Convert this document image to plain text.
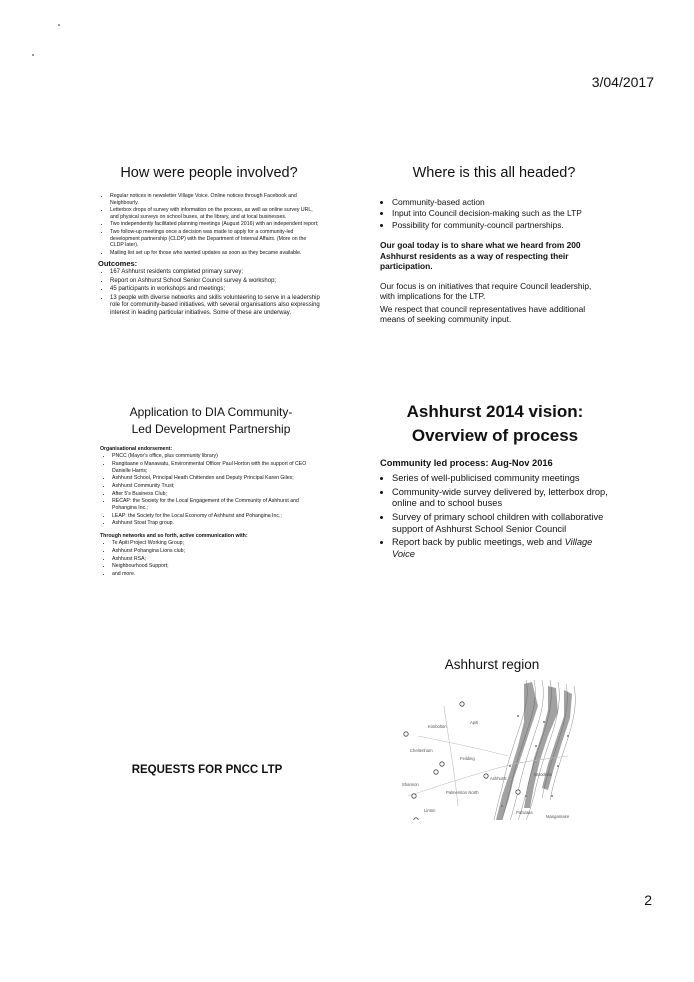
3/04/2017
How were people involved?
• Regular notices in newsletter Village Voice. Online notices through Facebook and Neighbourly.
• Letterbox drops of survey with information on the process, as well as online survey URL, and physical surveys on school buses, at the library, and at local businesses.
• Two independently facilitated planning meetings (August 2016) with an independent report;
• Two follow-up meetings once a decision was made to apply for a community-led development partnership (CLDP) with the Department of Internal Affairs. (More on the CLDP later).
• Mailing list set up for those who wanted updates as soon as they became available.
Outcomes:
• 167 Ashhurst residents completed primary survey;
• Report on Ashhurst School Senior Council survey & workshop;
• 45 participants in workshops and meetings;
• 13 people with diverse networks and skills volunteering to serve in a leadership role for community-based initiatives, with several organisations also expressing interest in leading particular initiatives. Some of these are underway.
Where is this all headed?
• Community-based action
• Input into Council decision-making such as the LTP
• Possibility for community-council partnerships.

Our goal today is to share what we heard from 200 Ashhurst residents as a way of respecting their participation.

Our focus is on initiatives that require Council leadership, with implications for the LTP.

We respect that council representatives have additional means of seeking community input.

Application to DIA Community-Led Development Partnership
Organisational endorsement:
• PNCC (Mayor's office, plus community library)
• Rangitaane o Manawatu, Environmental Officer Paul Horton with the support of CEO Danielle Harris;
• Ashhurst School, Principal Heath Chittenden and Deputy Principal Karen Giles;
• Ashhurst Community Trust;
• After 5's Business Club;
• RECAP: the Society for the Local Engagement of the Community of Ashhurst and Pohangina Inc.;
• LEAP: the Society for the Local Economy of Ashhurst and Pohangina Inc.;
• Ashhurst Stoat Trap group.
Through networks and so forth, active communication with:
• Te Apiti Project Working Group;
• Ashhurst Pohangina Lions club;
• Ashhurst RSA;
• Neighbourhood Support;
• and more.
Ashhurst 2014 vision:
Overview of process
Community led process: Aug-Nov 2016
• Series of well-publicised community meetings
• Community-wide survey delivered by, letterbox drop, online and to school buses
• Survey of primary school children with collaborative support of Ashhurst School Senior Council
• Report back by public meetings, web and Village Voice
REQUESTS FOR PNCC LTP
Ashhurst region
Apiti
Kimbolton
Cheltenham
Feilding
Ashhurst
Palmerston North
Woodville
Linton	Pahiatua
Shannon
Mangamaire
2
